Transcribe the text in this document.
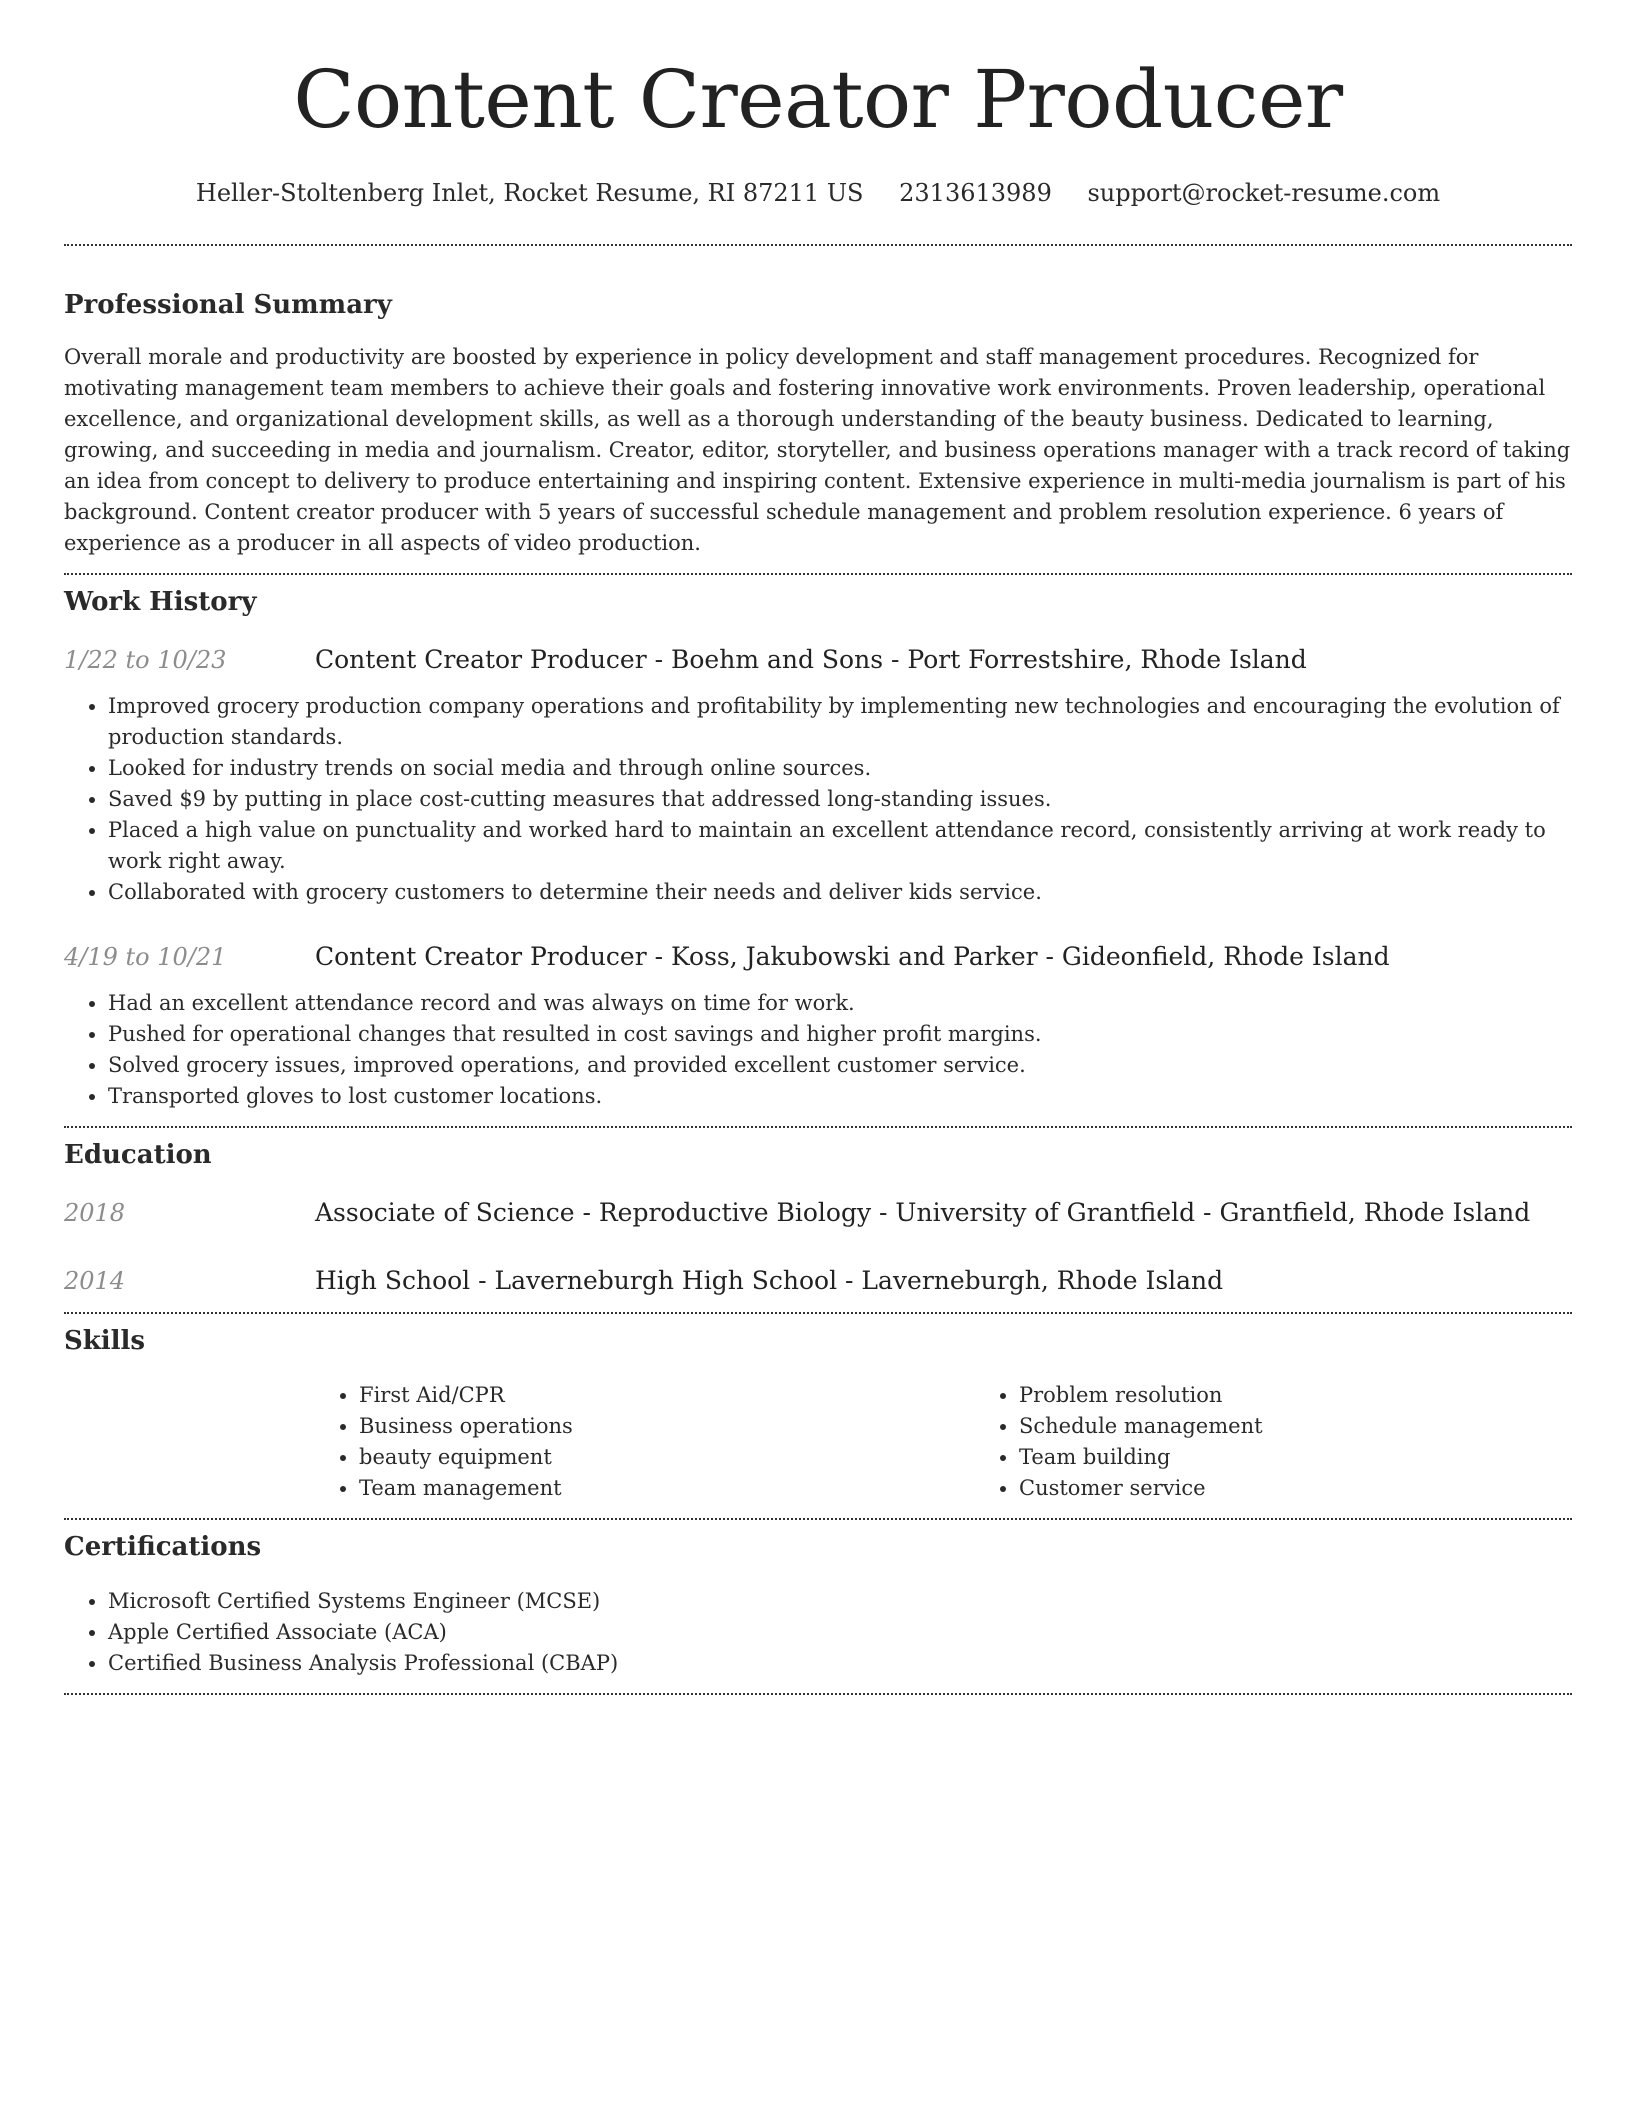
Content Creator Producer
Heller-Stoltenberg Inlet, Rocket Resume, RI 87211 US 2313613989 support@rocket-resume.com
Professional Summary

Overall morale and productivity are boosted by experience in policy development and staff management procedures. Recognized for motivating management team members to achieve their goals and fostering innovative work environments. Proven leadership, operational excellence, and organizational development skills, as well as a thorough understanding of the beauty business. Dedicated to learning, growing, and succeeding in media and journalism. Creator, editor, storyteller, and business operations manager with a track record of taking an idea from concept to delivery to produce entertaining and inspiring content. Extensive experience in multi-media journalism is part of his background. Content creator producer with 5 years of successful schedule management and problem resolution experience. 6 years of experience as a producer in all aspects of video production.

Work History
1/22 to 10/23	Content Creator Producer - Boehm and Sons - Port Forrestshire, Rhode Island
• Improved grocery production company operations and profitability by implementing new technologies and encouraging the evolution of production standards.
• Looked for industry trends on social media and through online sources.
• Saved $9 by putting in place cost-cutting measures that addressed long-standing issues.
• Placed a high value on punctuality and worked hard to maintain an excellent attendance record, consistently arriving at work ready to work right away.
• Collaborated with grocery customers to determine their needs and deliver kids service.
4/19 to 10/21	Content Creator Producer - Koss, Jakubowski and Parker - Gideonfield, Rhode Island
• Had an excellent attendance record and was always on time for work.
• Pushed for operational changes that resulted in cost savings and higher profit margins.
• Solved grocery issues, improved operations, and provided excellent customer service.
• Transported gloves to lost customer locations.
Education
2018	Associate of Science - Reproductive Biology - University of Grantfield - Grantfield, Rhode Island
2014	High School - Laverneburgh High School - Laverneburgh, Rhode Island
Skills
• First Aid/CPR
• Business operations
• beauty equipment
• Team management
• Problem resolution
• Schedule management
• Team building
• Customer service
Certifications
• Microsoft Certified Systems Engineer (MCSE)
• Apple Certified Associate (ACA)
• Certified Business Analysis Professional (CBAP)
